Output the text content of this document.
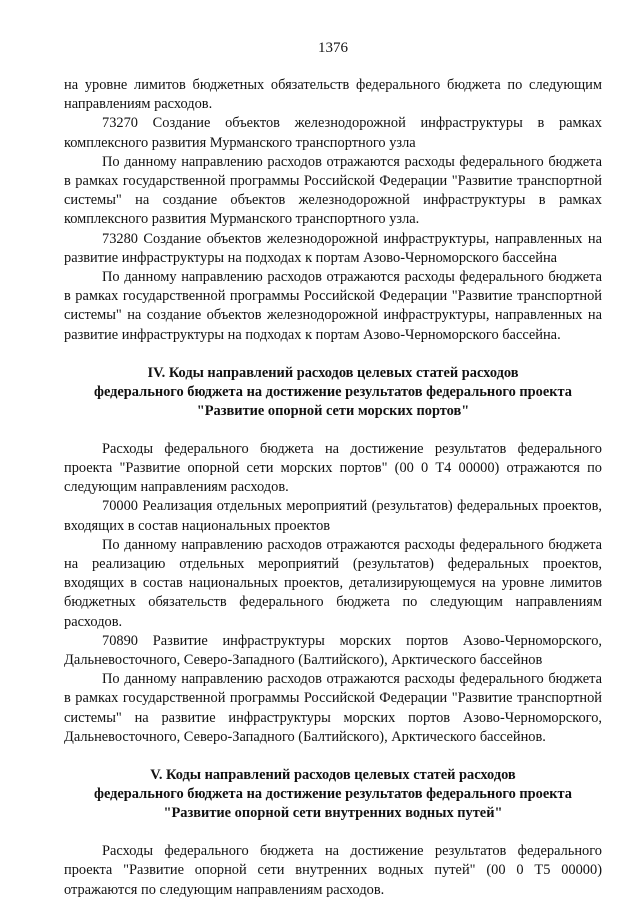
1376

на уровне лимитов бюджетных обязательств федерального бюджета по следующим направлениям расходов.

73270 Создание объектов железнодорожной инфраструктуры в рамках комплексного развития Мурманского транспортного узла

По данному направлению расходов отражаются расходы федерального бюджета в рамках государственной программы Российской Федерации "Развитие транспортной системы" на создание объектов железнодорожной инфраструктуры в рамках комплексного развития Мурманского транспортного узла.

73280 Создание объектов железнодорожной инфраструктуры, направленных на развитие инфраструктуры на подходах к портам Азово-Черноморского бассейна

По данному направлению расходов отражаются расходы федерального бюджета в рамках государственной программы Российской Федерации "Развитие транспортной системы" на создание объектов железнодорожной инфраструктуры, направленных на развитие инфраструктуры на подходах к портам Азово-Черноморского бассейна.

IV. Коды направлений расходов целевых статей расходов
федерального бюджета на достижение результатов федерального проекта
"Развитие опорной сети морских портов"

Расходы федерального бюджета на достижение результатов федерального проекта "Развитие опорной сети морских портов" (00 0 Т4 00000) отражаются по следующим направлениям расходов.

70000 Реализация отдельных мероприятий (результатов) федеральных проектов, входящих в состав национальных проектов

По данному направлению расходов отражаются расходы федерального бюджета на реализацию отдельных мероприятий (результатов) федеральных проектов, входящих в состав национальных проектов, детализирующемуся на уровне лимитов бюджетных обязательств федерального бюджета по следующим направлениям расходов.

70890 Развитие инфраструктуры морских портов Азово-Черноморского, Дальневосточного, Северо-Западного (Балтийского), Арктического бассейнов

По данному направлению расходов отражаются расходы федерального бюджета в рамках государственной программы Российской Федерации "Развитие транспортной системы" на развитие инфраструктуры морских портов Азово-Черноморского, Дальневосточного, Северо-Западного (Балтийского), Арктического бассейнов.

V. Коды направлений расходов целевых статей расходов
федерального бюджета на достижение результатов федерального проекта
"Развитие опорной сети внутренних водных путей"

Расходы федерального бюджета на достижение результатов федерального проекта "Развитие опорной сети внутренних водных путей" (00 0 Т5 00000) отражаются по следующим направлениям расходов.
